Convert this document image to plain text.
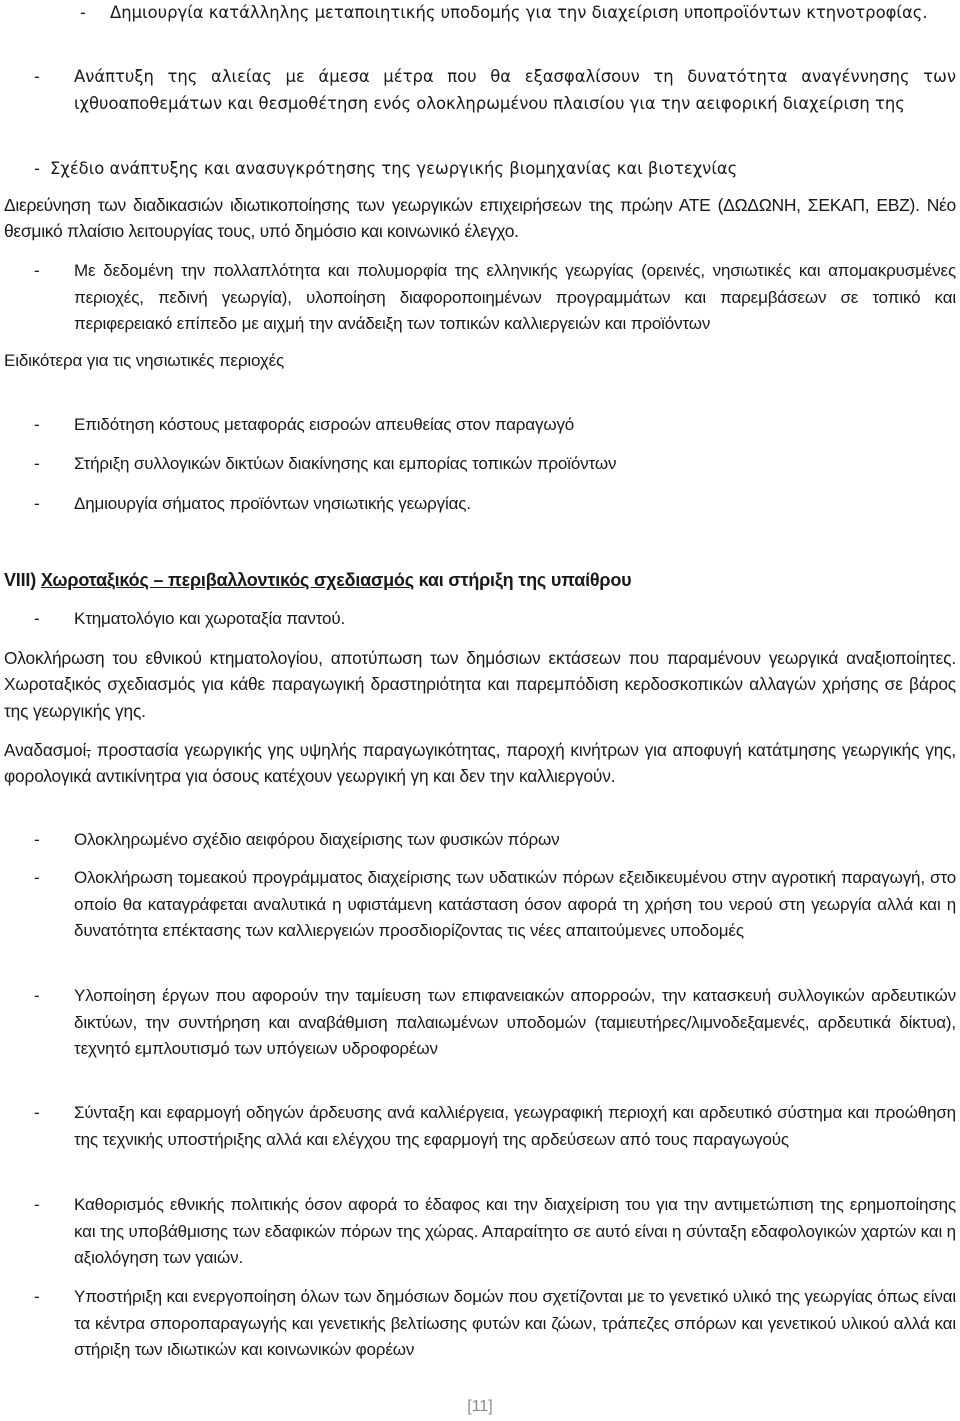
-	Δημιουργία κατάλληλης μεταποιητικής υποδομής για την διαχείριση υποπροϊόντων κτηνοτροφίας.
-	Ανάπτυξη της αλιείας με άμεσα μέτρα που θα εξασφαλίσουν τη δυνατότητα αναγέννησης των ιχθυοαποθεμάτων και θεσμοθέτηση ενός ολοκληρωμένου πλαισίου για την αειφορική διαχείριση της
- Σχέδιο ανάπτυξης και ανασυγκρότησης της γεωργικής βιομηχανίας και βιοτεχνίας
Διερεύνηση των διαδικασιών ιδιωτικοποίησης των γεωργικών επιχειρήσεων της πρώην ΑΤΕ (ΔΩΔΩΝΗ, ΣΕΚΑΠ, ΕΒΖ). Νέο θεσμικό πλαίσιο λειτουργίας τους, υπό δημόσιο και κοινωνικό έλεγχο.
-	Με δεδομένη την πολλαπλότητα και πολυμορφία της ελληνικής γεωργίας (ορεινές, νησιωτικές και απομακρυσμένες περιοχές, πεδινή γεωργία), υλοποίηση διαφοροποιημένων προγραμμάτων και παρεμβάσεων σε τοπικό και περιφερειακό επίπεδο με αιχμή την ανάδειξη των τοπικών καλλιεργειών και προϊόντων
Ειδικότερα για τις νησιωτικές περιοχές
-	Επιδότηση κόστους μεταφοράς εισροών απευθείας στον παραγωγό
-	Στήριξη συλλογικών δικτύων διακίνησης και εμπορίας τοπικών προϊόντων
-	Δημιουργία σήματος προϊόντων νησιωτικής γεωργίας.
VIII) Χωροταξικός – περιβαλλοντικός σχεδιασμός και στήριξη της υπαίθρου
-	Κτηματολόγιο και χωροταξία παντού.
Ολοκλήρωση του εθνικού κτηματολογίου, αποτύπωση των δημόσιων εκτάσεων που παραμένουν γεωργικά αναξιοποίητες. Χωροταξικός σχεδιασμός για κάθε παραγωγική δραστηριότητα και παρεμπόδιση κερδοσκοπικών αλλαγών χρήσης σε βάρος της γεωργικής γης.
Αναδασμοί, προστασία γεωργικής γης υψηλής παραγωγικότητας, παροχή κινήτρων για αποφυγή κατάτμησης γεωργικής γης, φορολογικά αντικίνητρα για όσους κατέχουν γεωργική γη και δεν την καλλιεργούν.
-	Ολοκληρωμένο σχέδιο αειφόρου διαχείρισης των φυσικών πόρων
-	Ολοκλήρωση τομεακού προγράμματος διαχείρισης των υδατικών πόρων εξειδικευμένου στην αγροτική παραγωγή, στο οποίο θα καταγράφεται αναλυτικά η υφιστάμενη κατάσταση όσον αφορά τη χρήση του νερού στη γεωργία αλλά και η δυνατότητα επέκτασης των καλλιεργειών προσδιορίζοντας τις νέες απαιτούμενες υποδομές
-	Υλοποίηση έργων που αφορούν την ταμίευση των επιφανειακών απορροών, την κατασκευή συλλογικών αρδευτικών δικτύων, την συντήρηση και αναβάθμιση παλαιωμένων υποδομών (ταμιευτήρες/λιμνοδεξαμενές, αρδευτικά δίκτυα), τεχνητό εμπλουτισμό των υπόγειων υδροφορέων
-	Σύνταξη και εφαρμογή οδηγών άρδευσης ανά καλλιέργεια, γεωγραφική περιοχή και αρδευτικό σύστημα και προώθηση της τεχνικής υποστήριξης αλλά και ελέγχου της εφαρμογή της αρδεύσεων από τους παραγωγούς
-	Καθορισμός εθνικής πολιτικής όσον αφορά το έδαφος και την διαχείριση του για την αντιμετώπιση της ερημοποίησης και της υποβάθμισης των εδαφικών πόρων της χώρας. Απαραίτητο σε αυτό είναι η σύνταξη εδαφολογικών χαρτών και η αξιολόγηση των γαιών.
-	Υποστήριξη και ενεργοποίηση όλων των δημόσιων δομών που σχετίζονται με το γενετικό υλικό της γεωργίας όπως είναι τα κέντρα σποροπαραγωγής και γενετικής βελτίωσης φυτών και ζώων, τράπεζες σπόρων και γενετικού υλικού αλλά και στήριξη των ιδιωτικών και κοινωνικών φορέων
[11]
